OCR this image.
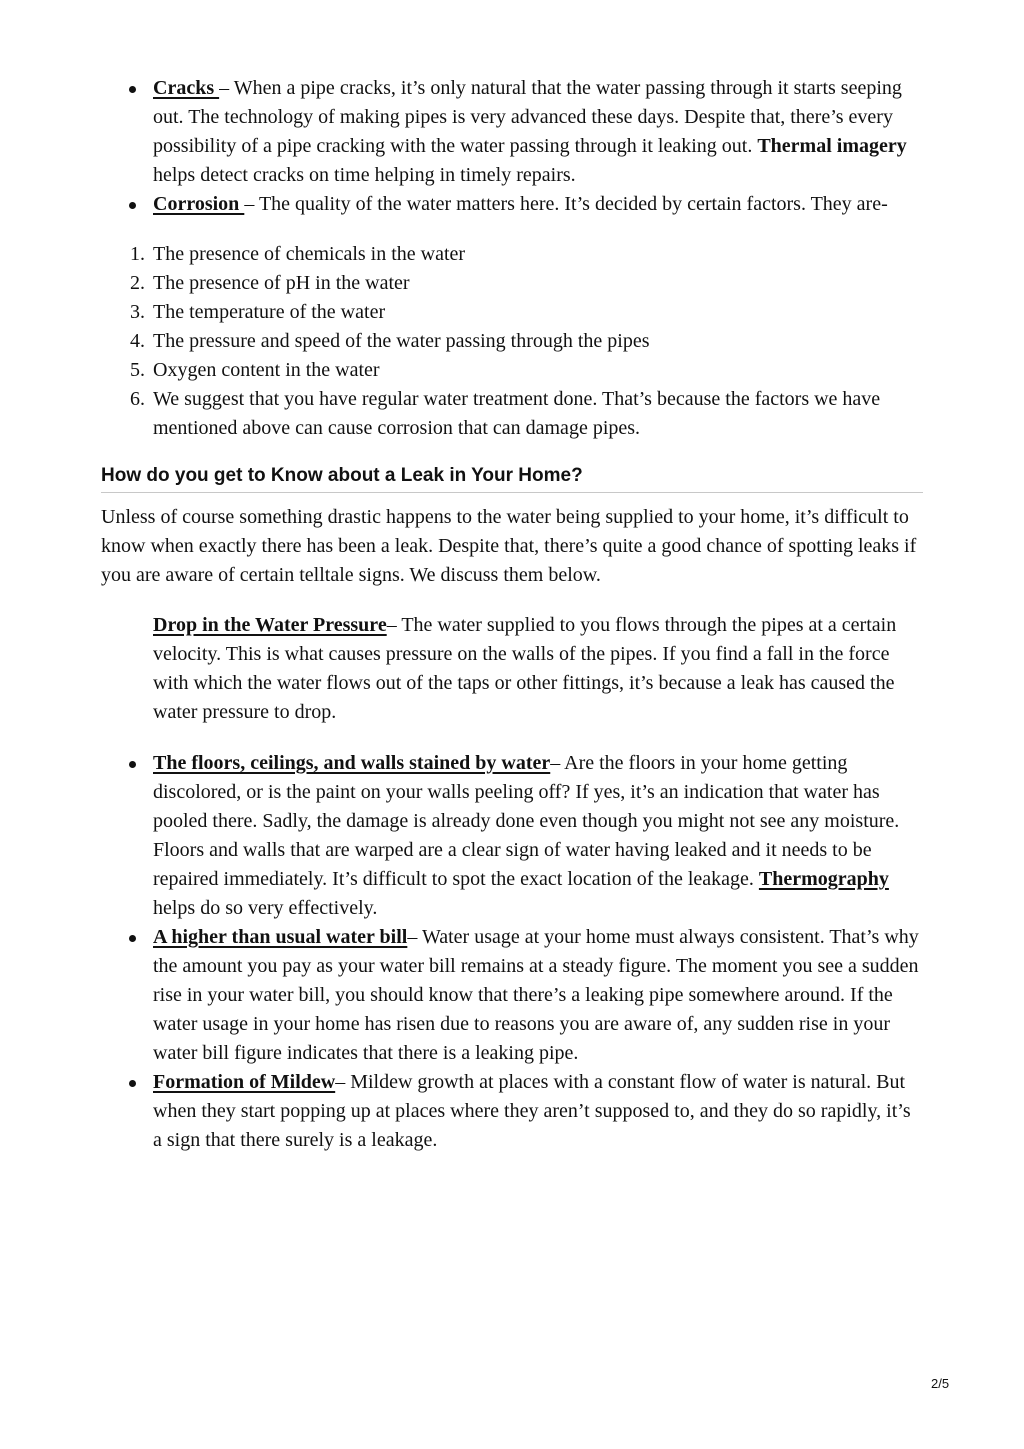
Cracks – When a pipe cracks, it’s only natural that the water passing through it starts seeping out. The technology of making pipes is very advanced these days. Despite that, there’s every possibility of a pipe cracking with the water passing through it leaking out. Thermal imagery helps detect cracks on time helping in timely repairs.
Corrosion – The quality of the water matters here. It’s decided by certain factors. They are-
1. The presence of chemicals in the water
2. The presence of pH in the water
3. The temperature of the water
4. The pressure and speed of the water passing through the pipes
5. Oxygen content in the water
6. We suggest that you have regular water treatment done. That’s because the factors we have mentioned above can cause corrosion that can damage pipes.
How do you get to Know about a Leak in Your Home?

Unless of course something drastic happens to the water being supplied to your home, it’s difficult to know when exactly there has been a leak. Despite that, there’s quite a good chance of spotting leaks if you are aware of certain telltale signs. We discuss them below.

Drop in the Water Pressure– The water supplied to you flows through the pipes at a certain velocity. This is what causes pressure on the walls of the pipes. If you find a fall in the force with which the water flows out of the taps or other fittings, it’s because a leak has caused the water pressure to drop.

The floors, ceilings, and walls stained by water– Are the floors in your home getting discolored, or is the paint on your walls peeling off? If yes, it’s an indication that water has pooled there. Sadly, the damage is already done even though you might not see any moisture. Floors and walls that are warped are a clear sign of water having leaked and it needs to be repaired immediately. It’s difficult to spot the exact location of the leakage. Thermography helps do so very effectively.
A higher than usual water bill– Water usage at your home must always consistent. That’s why the amount you pay as your water bill remains at a steady figure. The moment you see a sudden rise in your water bill, you should know that there’s a leaking pipe somewhere around. If the water usage in your home has risen due to reasons you are aware of, any sudden rise in your water bill figure indicates that there is a leaking pipe.
Formation of Mildew– Mildew growth at places with a constant flow of water is natural. But when they start popping up at places where they aren’t supposed to, and they do so rapidly, it’s a sign that there surely is a leakage.
2/5
